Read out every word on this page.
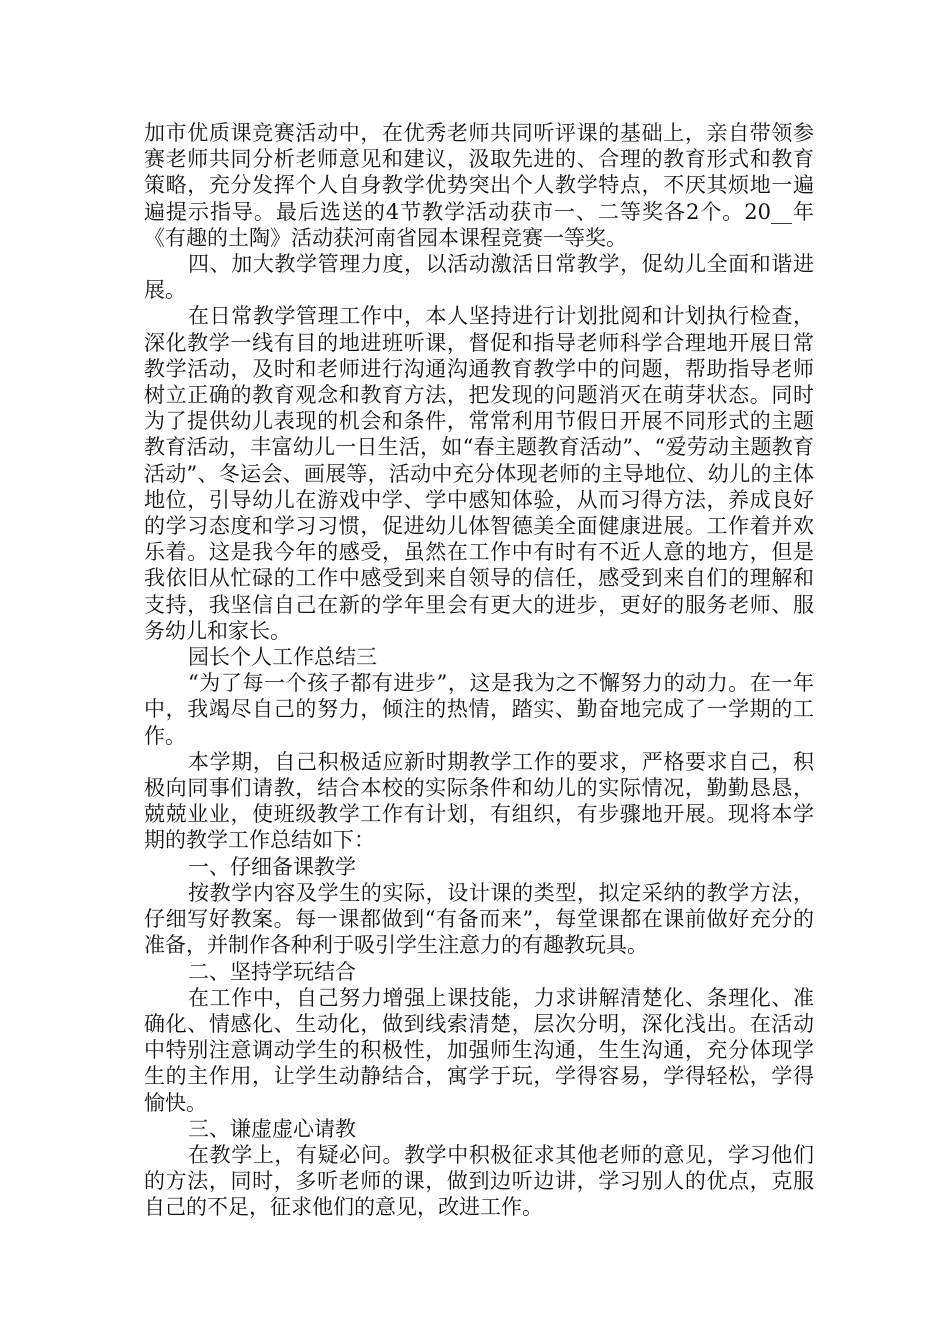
加市优质课竞赛活动中，在优秀老师共同听评课的基础上，亲自带领参赛老师共同分析老师意见和建议，汲取先进的、合理的教育形式和教育策略，充分发挥个人自身教学优势突出个人教学特点，不厌其烦地一遍遍提示指导。最后选送的4节教学活动获市一、二等奖各2个。20__年《有趣的土陶》活动获河南省园本课程竞赛一等奖。

四、加大教学管理力度，以活动激活日常教学，促幼儿全面和谐进展。

在日常教学管理工作中，本人坚持进行计划批阅和计划执行检查，深化教学一线有目的地进班听课，督促和指导老师科学合理地开展日常教学活动，及时和老师进行沟通沟通教育教学中的问题，帮助指导老师树立正确的教育观念和教育方法，把发现的问题消灭在萌芽状态。同时为了提供幼儿表现的机会和条件，常常利用节假日开展不同形式的主题教育活动，丰富幼儿一日生活，如“春主题教育活动”、“爱劳动主题教育活动”、冬运会、画展等，活动中充分体现老师的主导地位、幼儿的主体地位，引导幼儿在游戏中学、学中感知体验，从而习得方法，养成良好的学习态度和学习习惯，促进幼儿体智德美全面健康进展。工作着并欢乐着。这是我今年的感受，虽然在工作中有时有不近人意的地方，但是我依旧从忙碌的工作中感受到来自领导的信任，感受到来自们的理解和支持，我坚信自己在新的学年里会有更大的进步，更好的服务老师、服务幼儿和家长。

园长个人工作总结三

“为了每一个孩子都有进步”，这是我为之不懈努力的动力。在一年中，我竭尽自己的努力，倾注的热情，踏实、勤奋地完成了一学期的工作。

本学期，自己积极适应新时期教学工作的要求，严格要求自己，积极向同事们请教，结合本校的实际条件和幼儿的实际情况，勤勤恳恳，兢兢业业，使班级教学工作有计划，有组织，有步骤地开展。现将本学期的教学工作总结如下：

一、仔细备课教学

按教学内容及学生的实际，设计课的类型，拟定采纳的教学方法，仔细写好教案。每一课都做到“有备而来”，每堂课都在课前做好充分的准备，并制作各种利于吸引学生注意力的有趣教玩具。

二、坚持学玩结合

在工作中，自己努力增强上课技能，力求讲解清楚化、条理化、准确化、情感化、生动化，做到线索清楚，层次分明，深化浅出。在活动中特别注意调动学生的积极性，加强师生沟通，生生沟通，充分体现学生的主作用，让学生动静结合，寓学于玩，学得容易，学得轻松，学得愉快。

三、谦虚虚心请教

在教学上，有疑必问。教学中积极征求其他老师的意见，学习他们的方法，同时，多听老师的课，做到边听边讲，学习别人的优点，克服自己的不足，征求他们的意见，改进工作。
